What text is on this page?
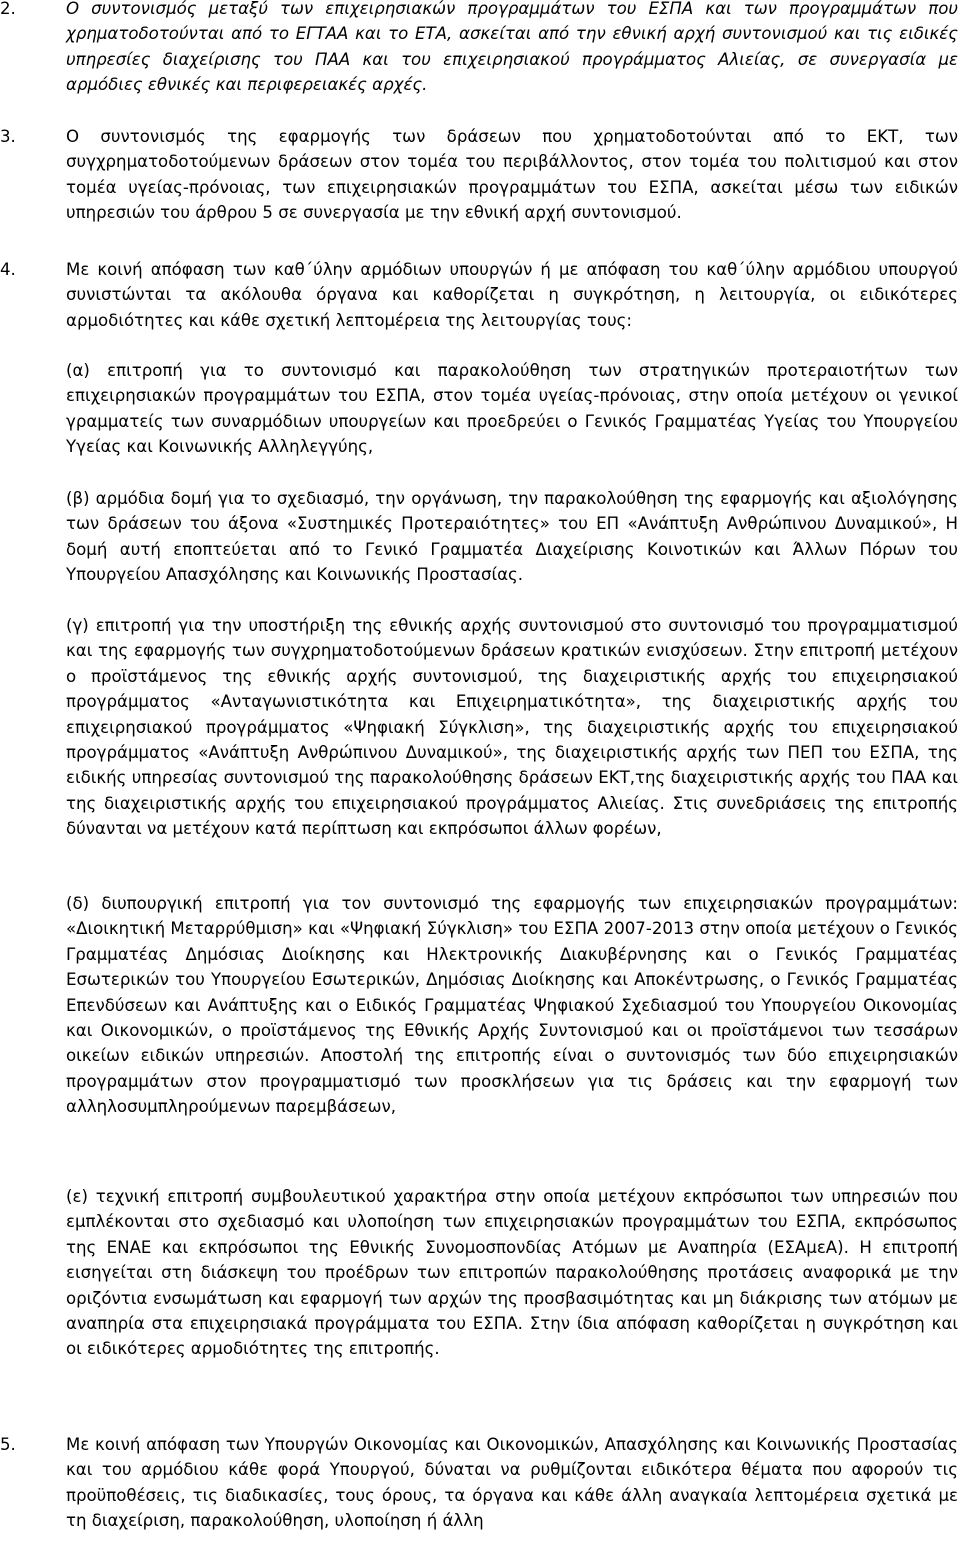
2.	Ο συντονισμός μεταξύ των επιχειρησιακών προγραμμάτων του ΕΣΠΑ και των προγραμμάτων που χρηματοδοτούνται από το ΕΓΤΑΑ και το ΕΤΑ, ασκείται από την εθνική αρχή συντονισμού και τις ειδικές υπηρεσίες διαχείρισης του ΠΑΑ και του επιχειρησιακού προγράμματος Αλιείας, σε συνεργασία με αρμόδιες εθνικές και περιφερειακές αρχές.

3.	Ο συντονισμός της εφαρμογής των δράσεων που χρηματοδοτούνται από το ΕΚΤ, των συγχρηματοδοτούμενων δράσεων στον τομέα του περιβάλλοντος, στον τομέα του πολιτισμού και στον τομέα υγείας-πρόνοιας, των επιχειρησιακών προγραμμάτων του ΕΣΠΑ, ασκείται μέσω των ειδικών υπηρεσιών του άρθρου 5 σε συνεργασία με την εθνική αρχή συντονισμού.

4.	Με κοινή απόφαση των καθ΄ύλην αρμόδιων υπουργών ή με απόφαση του καθ΄ύλην αρμόδιου υπουργού συνιστώνται τα ακόλουθα όργανα και καθορίζεται η συγκρότηση, η λειτουργία, οι ειδικότερες αρμοδιότητες και κάθε σχετική λεπτομέρεια της λειτουργίας τους:

(α) επιτροπή για το συντονισμό και παρακολούθηση των στρατηγικών προτεραιοτήτων των επιχειρησιακών προγραμμάτων του ΕΣΠΑ, στον τομέα υγείας-πρόνοιας, στην οποία μετέχουν οι γενικοί γραμματείς των συναρμόδιων υπουργείων και προεδρεύει ο Γενικός Γραμματέας Υγείας του Υπουργείου Υγείας και Κοινωνικής Αλληλεγγύης,

(β) αρμόδια δομή για το σχεδιασμό, την οργάνωση, την παρακολούθηση της εφαρμογής και αξιολόγησης των δράσεων του άξονα «Συστημικές Προτεραιότητες» του ΕΠ «Ανάπτυξη Ανθρώπινου Δυναμικού», Η δομή αυτή εποπτεύεται από το Γενικό Γραμματέα Διαχείρισης Κοινοτικών και Άλλων Πόρων του Υπουργείου Απασχόλησης και Κοινωνικής Προστασίας.

(γ) επιτροπή για την υποστήριξη της εθνικής αρχής συντονισμού στο συντονισμό του προγραμματισμού και της εφαρμογής των συγχρηματοδοτούμενων δράσεων κρατικών ενισχύσεων. Στην επιτροπή μετέχουν ο προϊστάμενος της εθνικής αρχής συντονισμού, της διαχειριστικής αρχής του επιχειρησιακού προγράμματος «Ανταγωνιστικότητα και Επιχειρηματικότητα», της διαχειριστικής αρχής του επιχειρησιακού προγράμματος «Ψηφιακή Σύγκλιση», της διαχειριστικής αρχής του επιχειρησιακού προγράμματος «Ανάπτυξη Ανθρώπινου Δυναμικού», της διαχειριστικής αρχής των ΠΕΠ του ΕΣΠΑ, της ειδικής υπηρεσίας συντονισμού της παρακολούθησης δράσεων ΕΚΤ,της διαχειριστικής αρχής του ΠΑΑ και της διαχειριστικής αρχής του επιχειρησιακού προγράμματος Αλιείας. Στις συνεδριάσεις της επιτροπής δύνανται να μετέχουν κατά περίπτωση και εκπρόσωποι άλλων φορέων,

(δ) διυπουργική επιτροπή για τον συντονισμό της εφαρμογής των επιχειρησιακών προγραμμάτων: «Διοικητική Μεταρρύθμιση» και «Ψηφιακή Σύγκλιση» του ΕΣΠΑ 2007-2013 στην οποία μετέχουν ο Γενικός Γραμματέας Δημόσιας Διοίκησης και Ηλεκτρονικής Διακυβέρνησης και ο Γενικός Γραμματέας Εσωτερικών του Υπουργείου Εσωτερικών, Δημόσιας Διοίκησης και Αποκέντρωσης, ο Γενικός Γραμματέας Επενδύσεων και Ανάπτυξης και ο Ειδικός Γραμματέας Ψηφιακού Σχεδιασμού του Υπουργείου Οικονομίας και Οικονομικών, ο προϊστάμενος της Εθνικής Αρχής Συντονισμού και οι προϊστάμενοι των τεσσάρων οικείων ειδικών υπηρεσιών. Αποστολή της επιτροπής είναι ο συντονισμός των δύο επιχειρησιακών προγραμμάτων στον προγραμματισμό των προσκλήσεων για τις δράσεις και την εφαρμογή των αλληλοσυμπληρούμενων παρεμβάσεων,

(ε) τεχνική επιτροπή συμβουλευτικού χαρακτήρα στην οποία μετέχουν εκπρόσωποι των υπηρεσιών που εμπλέκονται στο σχεδιασμό και υλοποίηση των επιχειρησιακών προγραμμάτων του ΕΣΠΑ, εκπρόσωπος της ΕΝΑΕ και εκπρόσωποι της Εθνικής Συνομοσπονδίας Ατόμων με Αναπηρία (ΕΣΑμεΑ). Η επιτροπή εισηγείται στη διάσκεψη του προέδρων των επιτροπών παρακολούθησης προτάσεις αναφορικά με την οριζόντια ενσωμάτωση και εφαρμογή των αρχών της προσβασιμότητας και μη διάκρισης των ατόμων με αναπηρία στα επιχειρησιακά προγράμματα του ΕΣΠΑ. Στην ίδια απόφαση καθορίζεται η συγκρότηση και οι ειδικότερες αρμοδιότητες της επιτροπής.

5.	Με κοινή απόφαση των Υπουργών Οικονομίας και Οικονομικών, Απασχόλησης και Κοινωνικής Προστασίας και του αρμόδιου κάθε φορά Υπουργού, δύναται να ρυθμίζονται ειδικότερα θέματα που αφορούν τις προϋποθέσεις, τις διαδικασίες, τους όρους, τα όργανα και κάθε άλλη αναγκαία λεπτομέρεια σχετικά με τη διαχείριση, παρακολούθηση, υλοποίηση ή άλλη
